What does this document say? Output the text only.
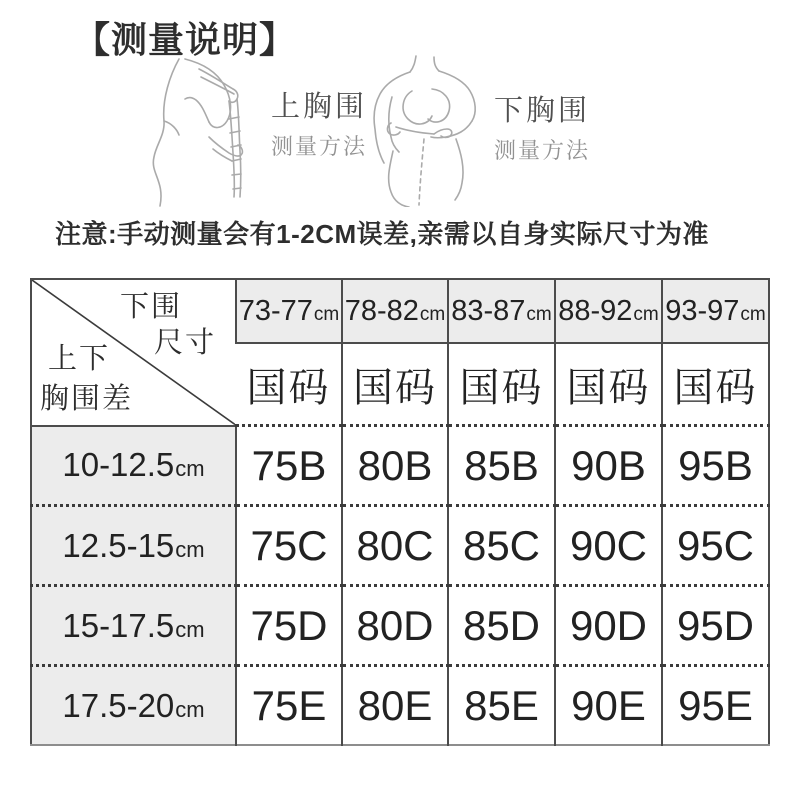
【测量说明】
上胸围
测量方法
下胸围
测量方法

注意:手动测量会有1-2CM误差,亲需以自身实际尺寸为准

下围
尺寸
上下
胸围差	73-77cm	78-82cm	83-87cm	88-92cm	93-97cm
	国码	国码	国码	国码	国码
10-12.5cm	75B	80B	85B	90B	95B
12.5-15cm	75C	80C	85C	90C	95C
15-17.5cm	75D	80D	85D	90D	95D
17.5-20cm	75E	80E	85E	90E	95E
